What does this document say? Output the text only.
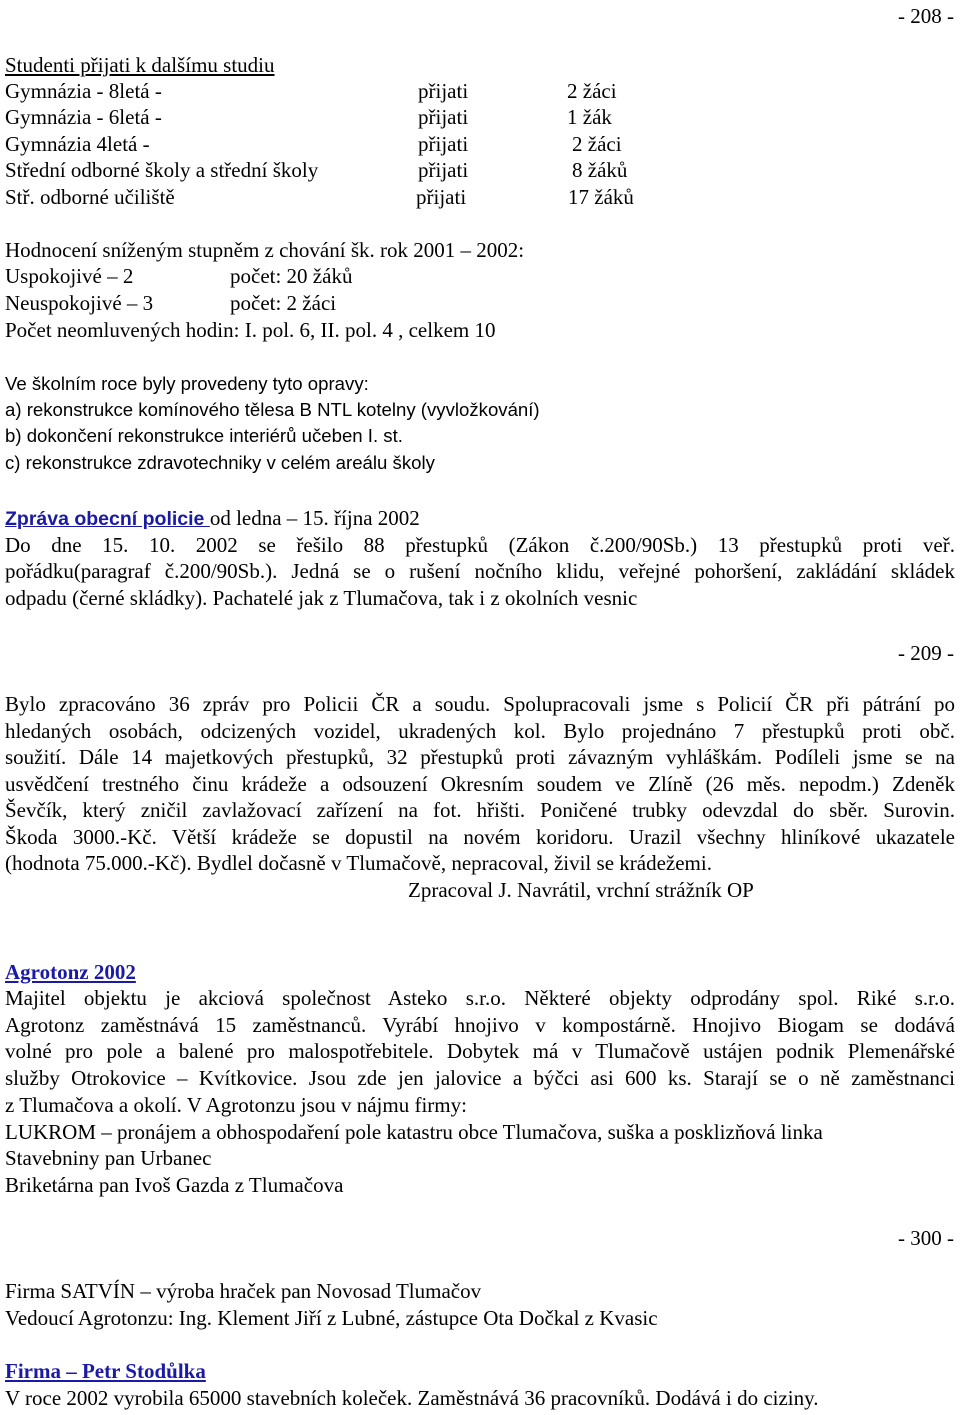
- 208 -
- 209 -
- 300 -
Studenti přijati k dalšímu studiu
Gymnázia - 8letá -	přijati	2 žáci
Gymnázia - 6letá -	přijati	1 žák
Gymnázia 4letá -	přijati	2 žáci
Střední odborné školy a střední školy	přijati	8 žáků
Stř. odborné učiliště	přijati	17 žáků
Hodnocení sníženým stupněm z chování šk. rok 2001 – 2002:
Uspokojivé – 2	počet: 20 žáků
Neuspokojivé – 3	počet: 2 žáci
Počet neomluvených hodin: I. pol. 6, II. pol. 4 , celkem 10
Ve školním roce byly provedeny tyto opravy:
a) rekonstrukce komínového tělesa B NTL kotelny (vyvložkování)
b) dokončení rekonstrukce interiérů učeben I. st.
c) rekonstrukce zdravotechniky v celém areálu školy
Zpráva obecní policie od ledna – 15. října 2002
Do dne 15. 10. 2002 se řešilo 88 přestupků (Zákon č.200/90Sb.) 13 přestupků proti veř.
pořádku(paragraf č.200/90Sb.). Jedná se o rušení nočního klidu, veřejné pohoršení, zakládání skládek
odpadu (černé skládky). Pachatelé jak z Tlumačova, tak i z okolních vesnic
Bylo zpracováno 36 zpráv pro Policii ČR a soudu. Spolupracovali jsme s Policií ČR při pátrání po
hledaných osobách, odcizených vozidel, ukradených kol. Bylo projednáno 7 přestupků proti obč.
soužití. Dále 14 majetkových přestupků, 32 přestupků proti závazným vyhláškám. Podíleli jsme se na
usvědčení trestného činu krádeže a odsouzení Okresním soudem ve Zlíně (26 měs. nepodm.) Zdeněk
Ševčík, který zničil zavlažovací zařízení na fot. hřišti. Poničené trubky odevzdal do sběr. Surovin.
Škoda 3000.-Kč. Větší krádeže se dopustil na novém koridoru. Urazil všechny hliníkové ukazatele
(hodnota 75.000.-Kč). Bydlel dočasně v Tlumačově, nepracoval, živil se krádežemi.
Zpracoval J. Navrátil, vrchní strážník OP
Agrotonz 2002
Majitel objektu je akciová společnost Asteko s.r.o. Některé objekty odprodány spol. Riké s.r.o.
Agrotonz zaměstnává 15 zaměstnanců. Vyrábí hnojivo v kompostárně. Hnojivo Biogam se dodává
volné pro pole a balené pro malospotřebitele. Dobytek má v Tlumačově ustájen podnik Plemenářské
služby Otrokovice – Kvítkovice. Jsou zde jen jalovice a býčci asi 600 ks. Starají se o ně zaměstnanci
z Tlumačova a okolí. V Agrotonzu jsou v nájmu firmy:
LUKROM – pronájem a obhospodaření pole katastru obce Tlumačova, suška a posklizňová linka
Stavebniny pan Urbanec
Briketárna pan Ivoš Gazda z Tlumačova
Firma SATVÍN – výroba hraček pan Novosad Tlumačov
Vedoucí Agrotonzu: Ing. Klement Jiří z Lubné, zástupce Ota Dočkal z Kvasic
Firma – Petr Stodůlka
V roce 2002 vyrobila 65000 stavebních koleček. Zaměstnává 36 pracovníků. Dodává i do ciziny.
